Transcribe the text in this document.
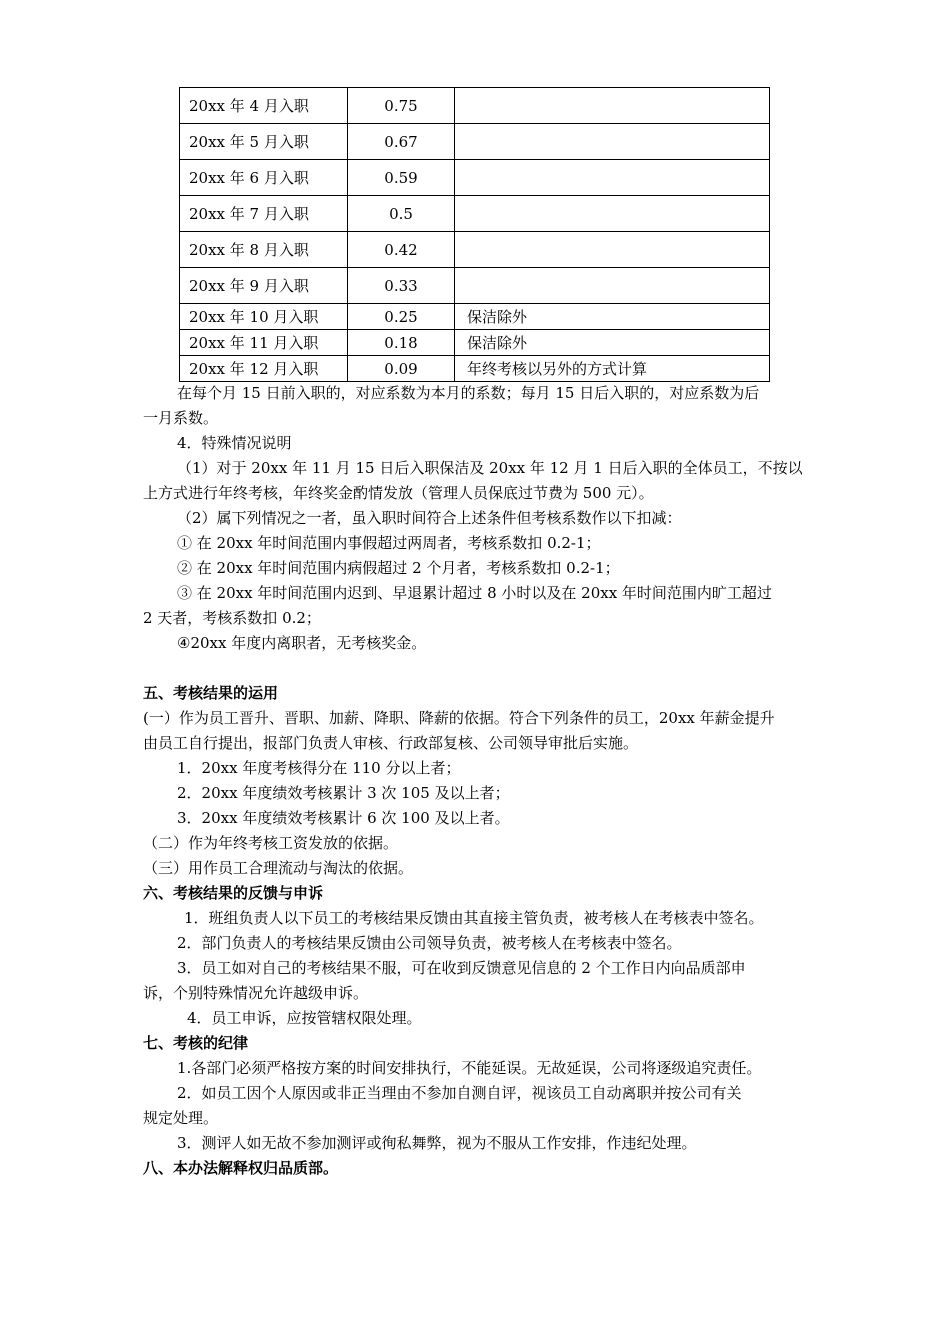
20xx 年 4 月入职	0.75	
20xx 年 5 月入职	0.67	
20xx 年 6 月入职	0.59	
20xx 年 7 月入职	0.5	
20xx 年 8 月入职	0.42	
20xx 年 9 月入职	0.33	
20xx 年 10 月入职	0.25	保洁除外
20xx 年 11 月入职	0.18	保洁除外
20xx 年 12 月入职	0.09	年终考核以另外的方式计算
在每个月 15 日前入职的，对应系数为本月的系数；每月 15 日后入职的，对应系数为后
一月系数。
4．特殊情况说明
（1）对于 20xx 年 11 月 15 日后入职保洁及 20xx 年 12 月 1 日后入职的全体员工，不按以
上方式进行年终考核，年终奖金酌情发放（管理人员保底过节费为 500 元）。
（2）属下列情况之一者，虽入职时间符合上述条件但考核系数作以下扣减：
① 在 20xx 年时间范围内事假超过两周者，考核系数扣 0.2-1；
② 在 20xx 年时间范围内病假超过 2 个月者，考核系数扣 0.2-1；
③ 在 20xx 年时间范围内迟到、早退累计超过 8 小时以及在 20xx 年时间范围内旷工超过
2 天者，考核系数扣 0.2；
④20xx 年度内离职者，无考核奖金。
五、考核结果的运用
(一）作为员工晋升、晋职、加薪、降职、降薪的依据。符合下列条件的员工，20xx 年薪金提升
由员工自行提出，报部门负责人审核、行政部复核、公司领导审批后实施。
1．20xx 年度考核得分在 110 分以上者；
2．20xx 年度绩效考核累计 3 次 105 及以上者；
3．20xx 年度绩效考核累计 6 次 100 及以上者。
（二）作为年终考核工资发放的依据。
（三）用作员工合理流动与淘汰的依据。
六、考核结果的反馈与申诉
1．班组负责人以下员工的考核结果反馈由其直接主管负责，被考核人在考核表中签名。
2．部门负责人的考核结果反馈由公司领导负责，被考核人在考核表中签名。
3．员工如对自己的考核结果不服，可在收到反馈意见信息的 2 个工作日内向品质部申
诉，个别特殊情况允许越级申诉。
4．员工申诉，应按管辖权限处理。
七、考核的纪律
1.各部门必须严格按方案的时间安排执行，不能延误。无故延误，公司将逐级追究责任。
2．如员工因个人原因或非正当理由不参加自测自评，视该员工自动离职并按公司有关
规定处理。
3．测评人如无故不参加测评或徇私舞弊，视为不服从工作安排，作违纪处理。
八、本办法解释权归品质部。
